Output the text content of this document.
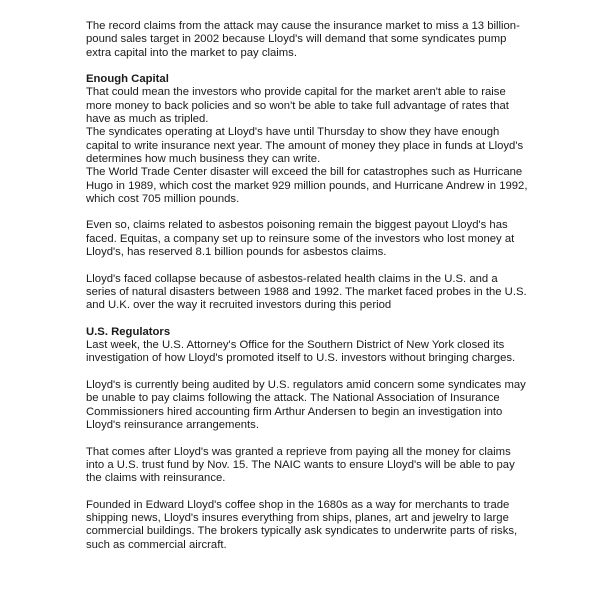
The record claims from the attack may cause the insurance market to miss a 13 billion-
pound sales target in 2002 because Lloyd's will demand that some syndicates pump
extra capital into the market to pay claims.
Enough Capital
That could mean the investors who provide capital for the market aren't able to raise
more money to back policies and so won't be able to take full advantage of rates that
have as much as tripled.
The syndicates operating at Lloyd's have until Thursday to show they have enough
capital to write insurance next year. The amount of money they place in funds at Lloyd's
determines how much business they can write.
The World Trade Center disaster will exceed the bill for catastrophes such as Hurricane
Hugo in 1989, which cost the market 929 million pounds, and Hurricane Andrew in 1992,
which cost 705 million pounds.
Even so, claims related to asbestos poisoning remain the biggest payout Lloyd's has
faced. Equitas, a company set up to reinsure some of the investors who lost money at
Lloyd's, has reserved 8.1 billion pounds for asbestos claims.
Lloyd's faced collapse because of asbestos-related health claims in the U.S. and a
series of natural disasters between 1988 and 1992. The market faced probes in the U.S.
and U.K. over the way it recruited investors during this period
U.S. Regulators
Last week, the U.S. Attorney's Office for the Southern District of New York closed its
investigation of how Lloyd's promoted itself to U.S. investors without bringing charges.
Lloyd's is currently being audited by U.S. regulators amid concern some syndicates may
be unable to pay claims following the attack. The National Association of Insurance
Commissioners hired accounting firm Arthur Andersen to begin an investigation into
Lloyd's reinsurance arrangements.
That comes after Lloyd's was granted a reprieve from paying all the money for claims
into a U.S. trust fund by Nov. 15. The NAIC wants to ensure Lloyd's will be able to pay
the claims with reinsurance.
Founded in Edward Lloyd's coffee shop in the 1680s as a way for merchants to trade
shipping news, Lloyd's insures everything from ships, planes, art and jewelry to large
commercial buildings. The brokers typically ask syndicates to underwrite parts of risks,
such as commercial aircraft.
